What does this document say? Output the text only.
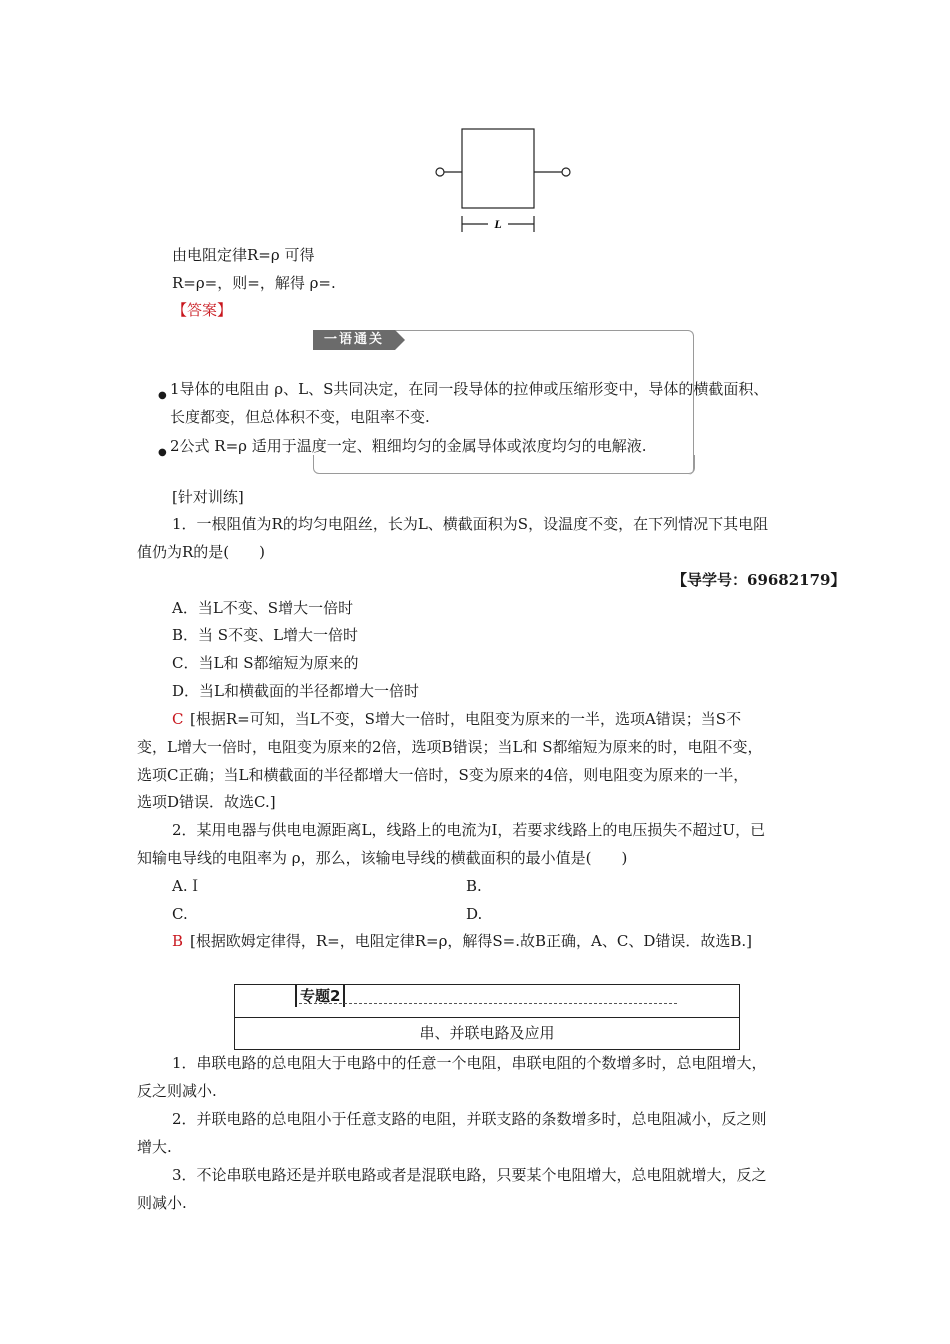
L
由电阻定律R=ρ 可得
R=ρ=，则=，解得 ρ=.
【答案】
一语通关
● 1导体的电阻由 ρ、L、S共同决定，在同一段导体的拉伸或压缩形变中，导体的横截面积、
长度都变，但总体积不变，电阻率不变.
● 2公式 R=ρ 适用于温度一定、粗细均匀的金属导体或浓度均匀的电解液.
[针对训练]
1．一根阻值为R的均匀电阻丝，长为L、横截面积为S，设温度不变，在下列情况下其电阻
值仍为R的是(　　)
【导学号：69682179】
A．当L不变、S增大一倍时
B．当 S不变、L增大一倍时
C．当L和 S都缩短为原来的
D．当L和横截面的半径都增大一倍时
C [根据R=可知，当L不变，S增大一倍时，电阻变为原来的一半，选项A错误；当S不
变，L增大一倍时，电阻变为原来的2倍，选项B错误；当L和 S都缩短为原来的时，电阻不变，
选项C正确；当L和横截面的半径都增大一倍时，S变为原来的4倍，则电阻变为原来的一半，
选项D错误．故选C.]
2．某用电器与供电电源距离L，线路上的电流为I，若要求线路上的电压损失不超过U，已
知输电导线的电阻率为 ρ，那么，该输电导线的横截面积的最小值是(　　)
A.Ｉ	B.
C.	D.
B [根据欧姆定律得，R=，电阻定律R=ρ，解得S=.故B正确，A、C、D错误．故选B.]
专题2
串、并联电路及应用
1．串联电路的总电阻大于电路中的任意一个电阻，串联电阻的个数增多时，总电阻增大，
反之则减小.
2．并联电路的总电阻小于任意支路的电阻，并联支路的条数增多时，总电阻减小，反之则
增大.
3．不论串联电路还是并联电路或者是混联电路，只要某个电阻增大，总电阻就增大，反之
则减小.
